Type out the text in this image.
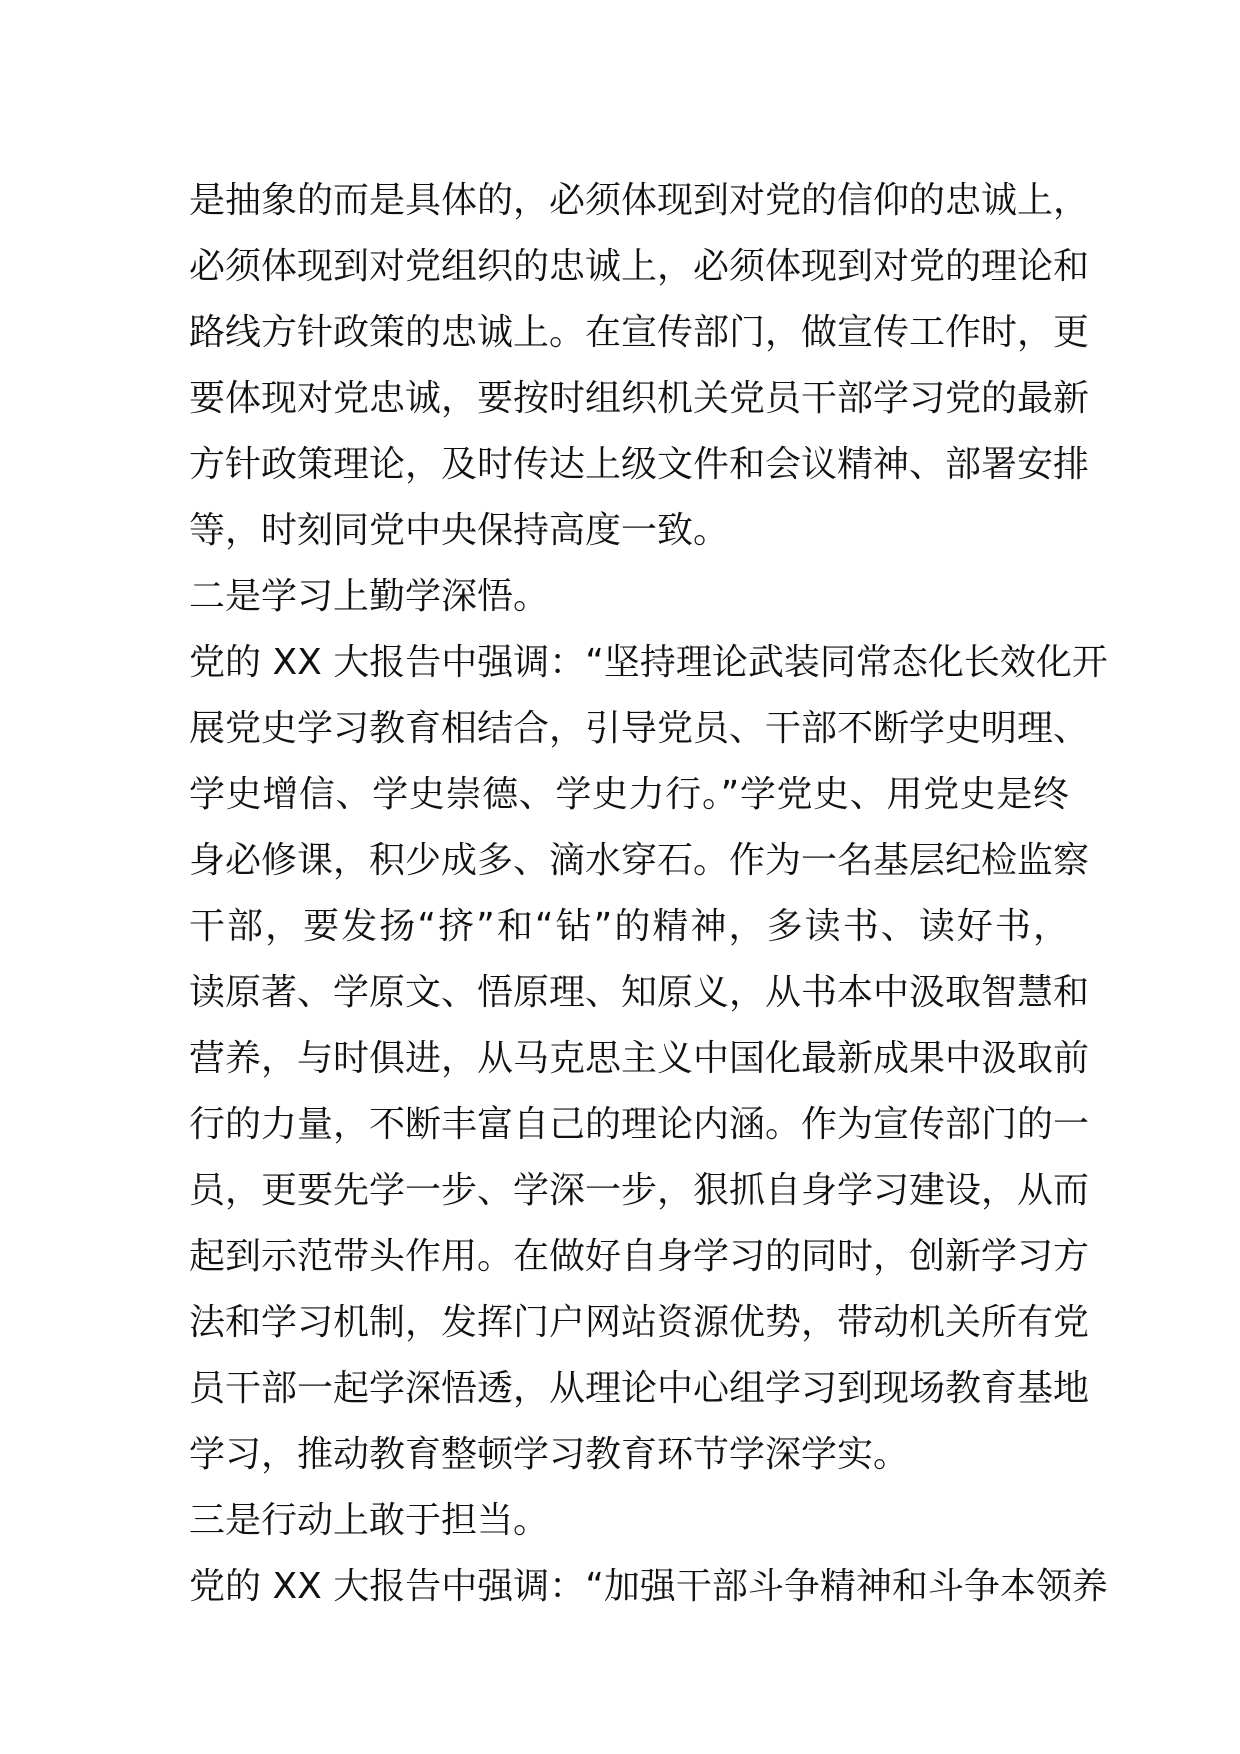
是抽象的而是具体的，必须体现到对党的信仰的忠诚上，
必须体现到对党组织的忠诚上，必须体现到对党的理论和
路线方针政策的忠诚上。在宣传部门，做宣传工作时，更
要体现对党忠诚，要按时组织机关党员干部学习党的最新
方针政策理论，及时传达上级文件和会议精神、部署安排
等，时刻同党中央保持高度一致。
二是学习上勤学深悟。
党的 XX 大报告中强调：“坚持理论武装同常态化长效化开
展党史学习教育相结合，引导党员、干部不断学史明理、
学史增信、学史崇德、学史力行。”学党史、用党史是终
身必修课，积少成多、滴水穿石。作为一名基层纪检监察
干部，要发扬“挤”和“钻”的精神，多读书、读好书，
读原著、学原文、悟原理、知原义，从书本中汲取智慧和
营养，与时俱进，从马克思主义中国化最新成果中汲取前
行的力量，不断丰富自己的理论内涵。作为宣传部门的一
员，更要先学一步、学深一步，狠抓自身学习建设，从而
起到示范带头作用。在做好自身学习的同时，创新学习方
法和学习机制，发挥门户网站资源优势，带动机关所有党
员干部一起学深悟透，从理论中心组学习到现场教育基地
学习，推动教育整顿学习教育环节学深学实。
三是行动上敢于担当。
党的 XX 大报告中强调：“加强干部斗争精神和斗争本领养
